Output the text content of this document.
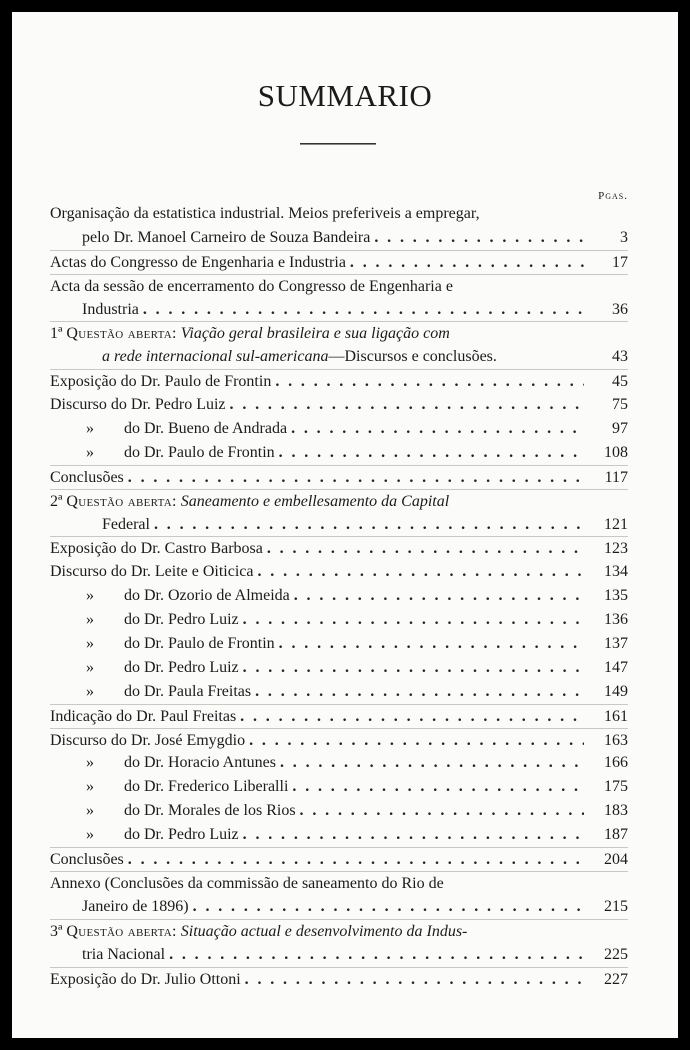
SUMMARIO
Pgas.
Organisação da estatistica industrial. Meios preferiveis a empregar,
pelo Dr. Manoel Carneiro de Souza Bandeira . . .	3
Actas do Congresso de Engenharia e Industria . . .	17
Acta da sessão de encerramento do Congresso de Engenharia e
Industria . . .	36
1ª Questão aberta: Viação geral brasileira e sua ligação com
a rede internacional sul-americana—Discursos e conclusões.	43
Exposição do Dr. Paulo de Frontin . . .	45
Discurso do Dr. Pedro Luiz . . .	75
» do Dr. Bueno de Andrada . . .	97
» do Dr. Paulo de Frontin . . .	108
Conclusões . . .	117
2ª Questão aberta: Saneamento e embellesamento da Capital
Federal . . .	121
Exposição do Dr. Castro Barbosa . . .	123
Discurso do Dr. Leite e Oiticica . . .	134
» do Dr. Ozorio de Almeida . . .	135
» do Dr. Pedro Luiz . . .	136
» do Dr. Paulo de Frontin . . .	137
» do Dr. Pedro Luiz . . .	147
» do Dr. Paula Freitas . . .	149
Indicação do Dr. Paul Freitas . . .	161
Discurso do Dr. José Emygdio . . .	163
» do Dr. Horacio Antunes . . .	166
» do Dr. Frederico Liberalli . . .	175
» do Dr. Morales de los Rios . . .	183
» do Dr. Pedro Luiz . . .	187
Conclusões . . .	204
Annexo (Conclusões da commissão de saneamento do Rio de
Janeiro de 1896) . . .	215
3ª Questão aberta: Situação actual e desenvolvimento da Indus-
tria Nacional . . .	225
Exposição do Dr. Julio Ottoni . . .	227
